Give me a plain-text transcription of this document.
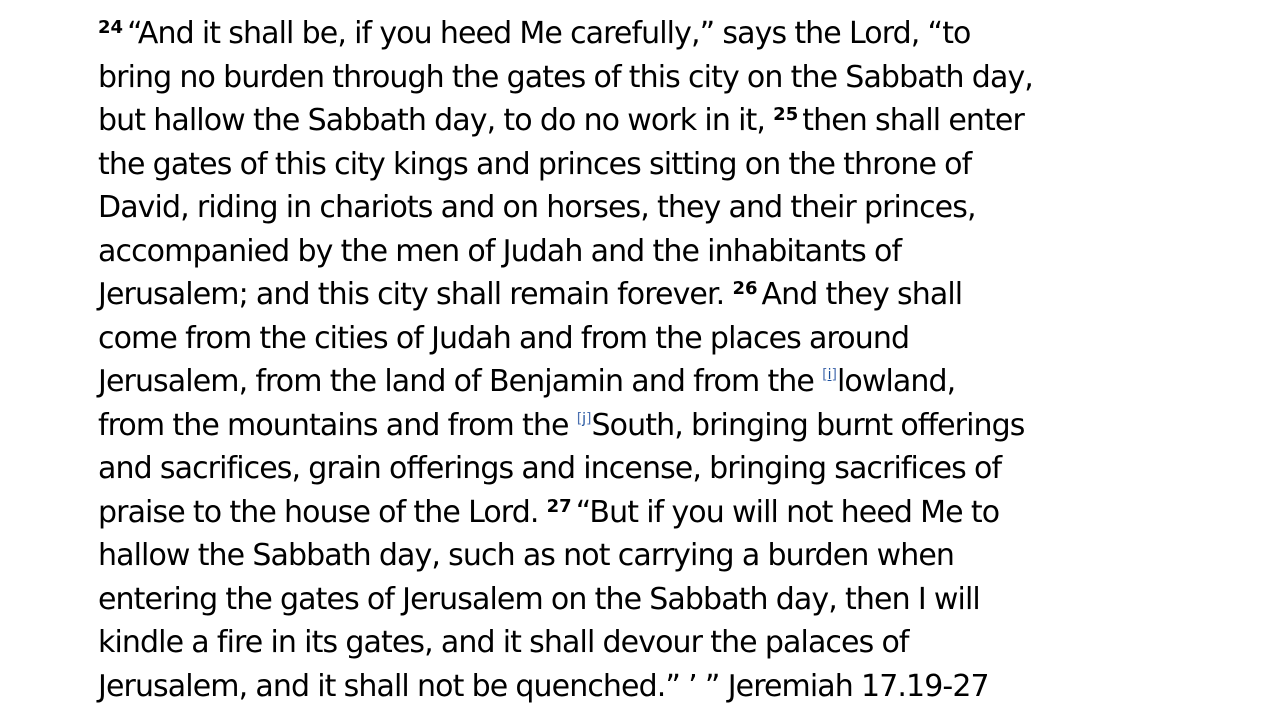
$^{24}$ “And it shall be, if you heed Me carefully,” says the Lord, “to
bring no burden through the gates of this city on the Sabbath day,
but hallow the Sabbath day, to do no work in it, $^{25}$ then shall enter
the gates of this city kings and princes sitting on the throne of
David, riding in chariots and on horses, they and their princes,
accompanied by the men of Judah and the inhabitants of
Jerusalem; and this city shall remain forever. $^{26}$ And they shall
come from the cities of Judah and from the places around
Jerusalem, from the land of Benjamin and from the [i]lowland,
from the mountains and from the [j]South, bringing burnt offerings
and sacrifices, grain offerings and incense, bringing sacrifices of
praise to the house of the Lord. $^{27}$ “But if you will not heed Me to
hallow the Sabbath day, such as not carrying a burden when
entering the gates of Jerusalem on the Sabbath day, then I will
kindle a fire in its gates, and it shall devour the palaces of
Jerusalem, and it shall not be quenched.” ’ ” Jeremiah 17.19-27
